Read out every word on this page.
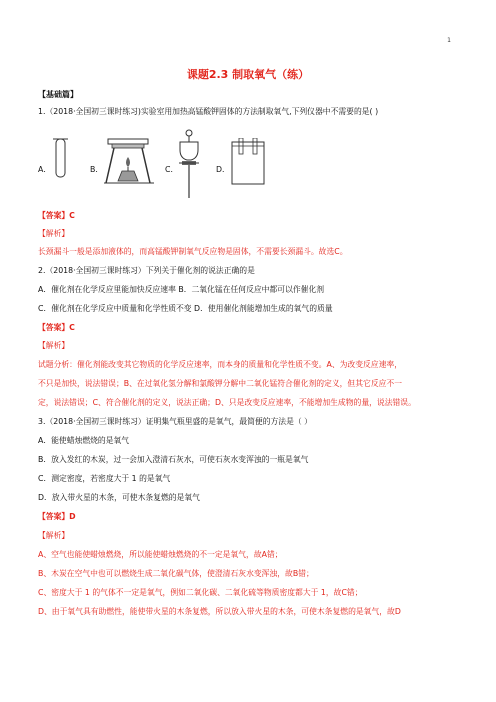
1
课题2.3 制取氧气（练）
【基础篇】
1.（2018·全国初三课时练习)实验室用加热高锰酸钾固体的方法制取氧气,下列仪器中不需要的是( )
A．	B．	C．	D．
【答案】C
【解析】
长颈漏斗一般是添加液体的，而高锰酸钾制氧气反应物是固体，不需要长颈漏斗。故选C。
2.（2018·全国初三课时练习）下列关于催化剂的说法正确的是
A．催化剂在化学反应里能加快反应速率 B．二氧化锰在任何反应中都可以作催化剂
C．催化剂在化学反应中质量和化学性质不变 D．使用催化剂能增加生成的氧气的质量
【答案】C
【解析】
试题分析：催化剂能改变其它物质的化学反应速率，而本身的质量和化学性质不变。A、为改变反应速率，
不只是加快，说法错误；B、在过氧化氢分解和氯酸钾分解中二氧化锰符合催化剂的定义，但其它反应不一
定，说法错误；C、符合催化剂的定义，说法正确；D、只是改变反应速率，不能增加生成物的量，说法错误。
3.（2018·全国初三课时练习）证明集气瓶里盛的是氧气，最简便的方法是（ ）
A．能使蜡烛燃烧的是氧气
B．放入发红的木炭，过一会加入澄清石灰水，可使石灰水变浑浊的一瓶是氧气
C．测定密度，若密度大于 1 的是氧气
D．放入带火星的木条，可使木条复燃的是氧气
【答案】D
【解析】
A、空气也能使蜡烛燃烧，所以能使蜡烛燃烧的不一定是氧气，故A错；
B、木炭在空气中也可以燃烧生成二氧化碳气体，使澄清石灰水变浑浊，故B错；
C、密度大于 1 的气体不一定是氧气，例如二氧化碳、二氧化硫等物质密度都大于 1，故C错；
D、由于氧气具有助燃性，能使带火星的木条复燃，所以放入带火星的木条，可使木条复燃的是氧气，故D
